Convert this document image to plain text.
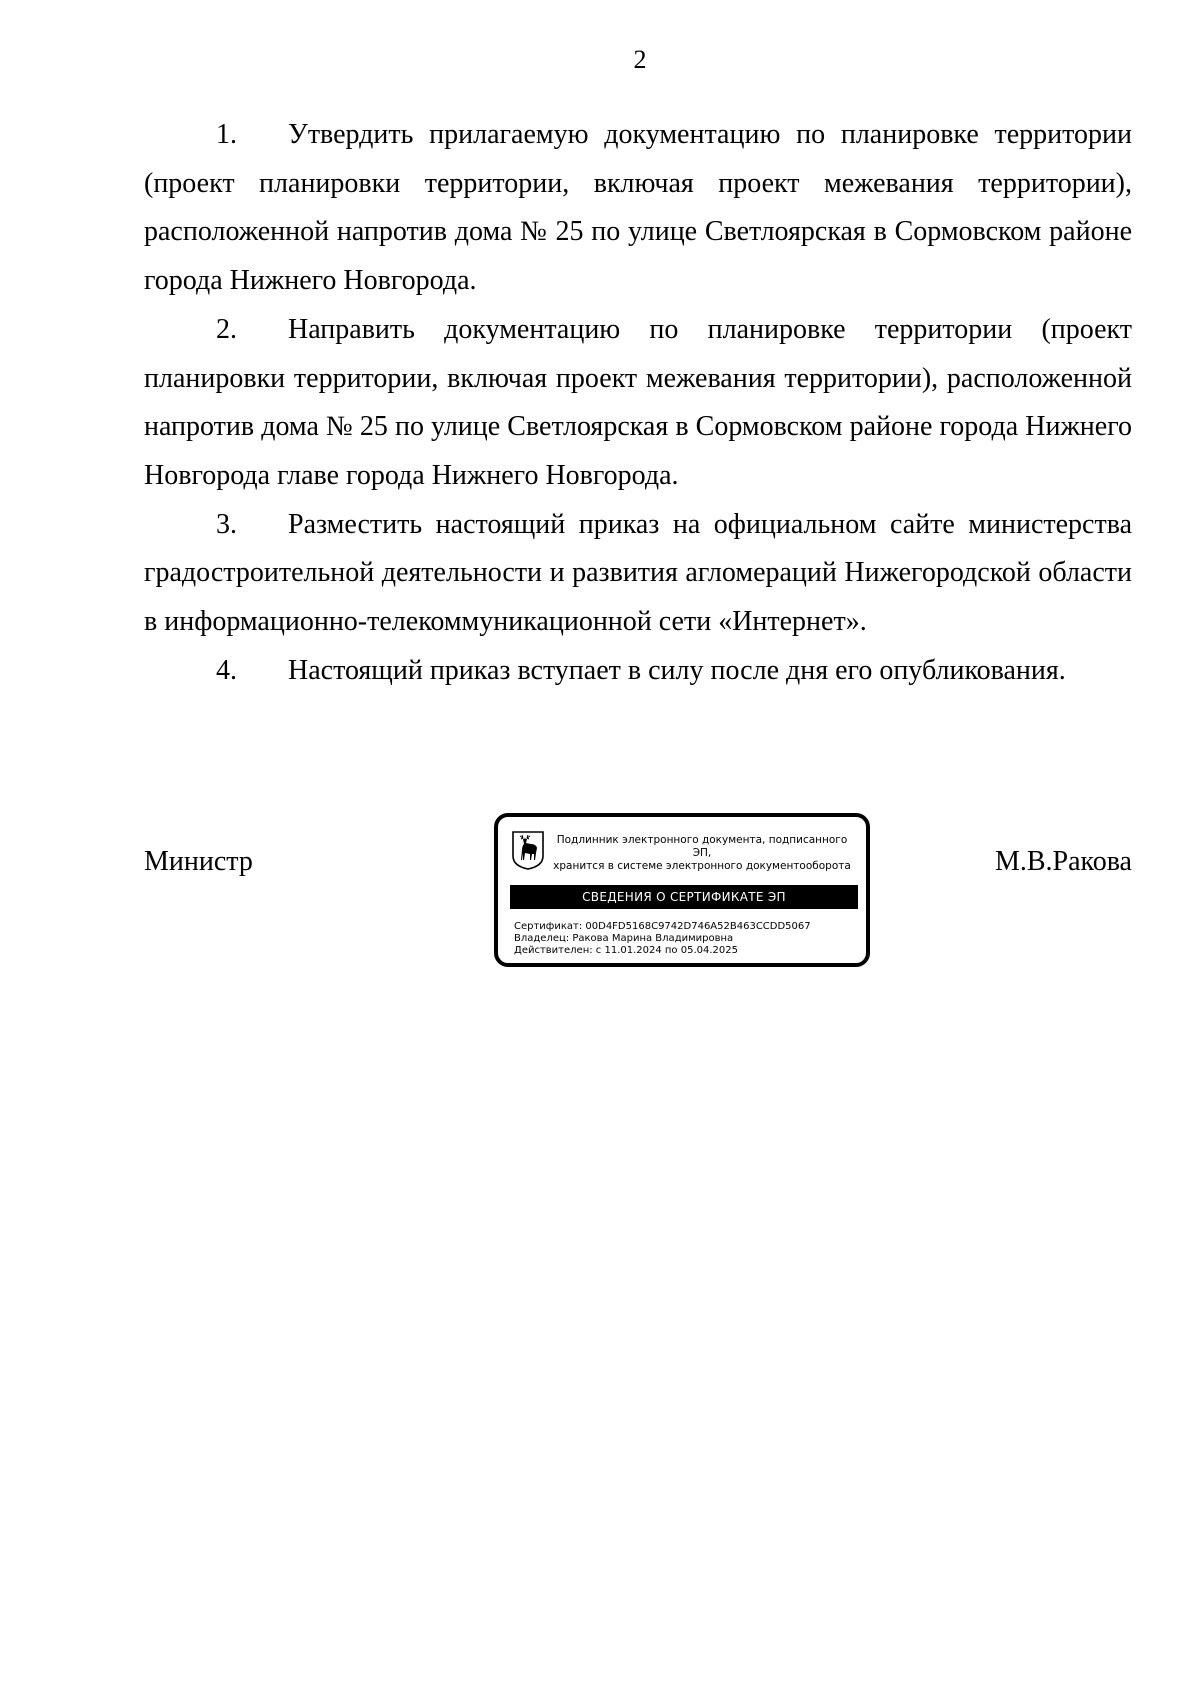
2

1. Утвердить прилагаемую документацию по планировке территории (проект планировки территории, включая проект межевания территории), расположенной напротив дома № 25 по улице Светлоярская в Сормовском районе города Нижнего Новгорода.

2. Направить документацию по планировке территории (проект планировки территории, включая проект межевания территории), расположенной напротив дома № 25 по улице Светлоярская в Сормовском районе города Нижнего Новгорода главе города Нижнего Новгорода.

3. Разместить настоящий приказ на официальном сайте министерства градостроительной деятельности и развития агломераций Нижегородской области в информационно-телекоммуникационной сети «Интернет».

4. Настоящий приказ вступает в силу после дня его опубликования.

Министр
Подлинник электронного документа, подписанного ЭП,
хранится в системе электронного документооборота
СВЕДЕНИЯ О СЕРТИФИКАТЕ ЭП
Сертификат: 00D4FD5168C9742D746A52B463CCDD5067
Владелец: Ракова Марина Владимировна
Действителен: с 11.01.2024 по 05.04.2025
М.В.Ракова
